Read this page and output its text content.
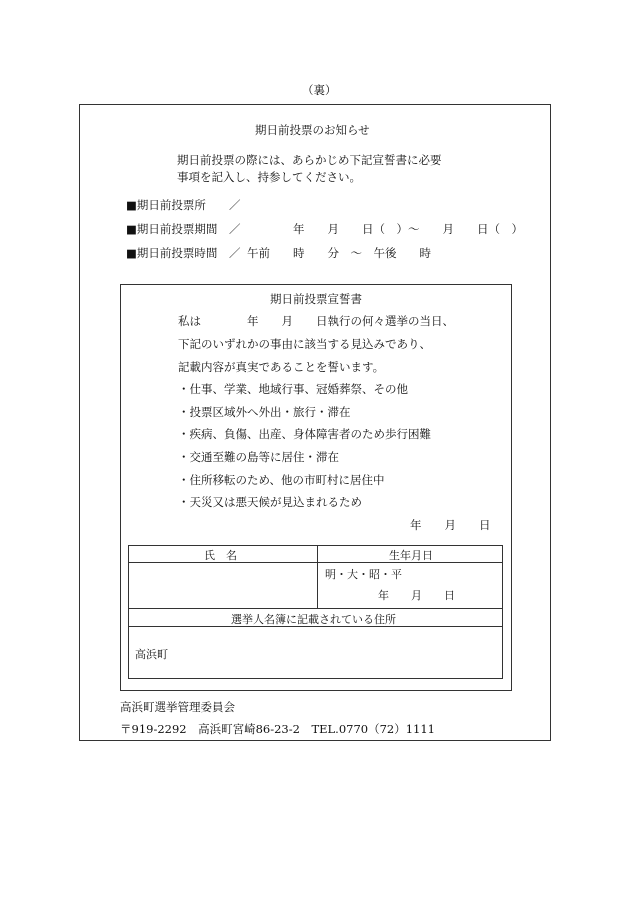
（裏）
期日前投票のお知らせ
期日前投票の際には、あらかじめ下記宣誓書に必要
事項を記入し、持参してください。
■期日前投票所 ／
■期日前投票期間 ／	年　　月　　日（　）～　　月　　日（　）
■期日前投票時間 ／ 午前　　時　　分　～　午後　　時
期日前投票宣誓書
私は　　　　年　　月　　日執行の何々選挙の当日、
下記のいずれかの事由に該当する見込みであり、
記載内容が真実であることを誓います。
・仕事、学業、地域行事、冠婚葬祭、その他
・投票区域外へ外出・旅行・滞在
・疾病、負傷、出産、身体障害者のため歩行困難
・交通至難の島等に居住・滞在
・住所移転のため、他の市町村に居住中
・天災又は悪天候が見込まれるため
年　　月　　日
氏　名	生年月日
明・大・昭・平
年　　月　　日
選挙人名簿に記載されている住所
高浜町
高浜町選挙管理委員会
〒919-2292　高浜町宮崎86-23-2　TEL.0770（72）1111
